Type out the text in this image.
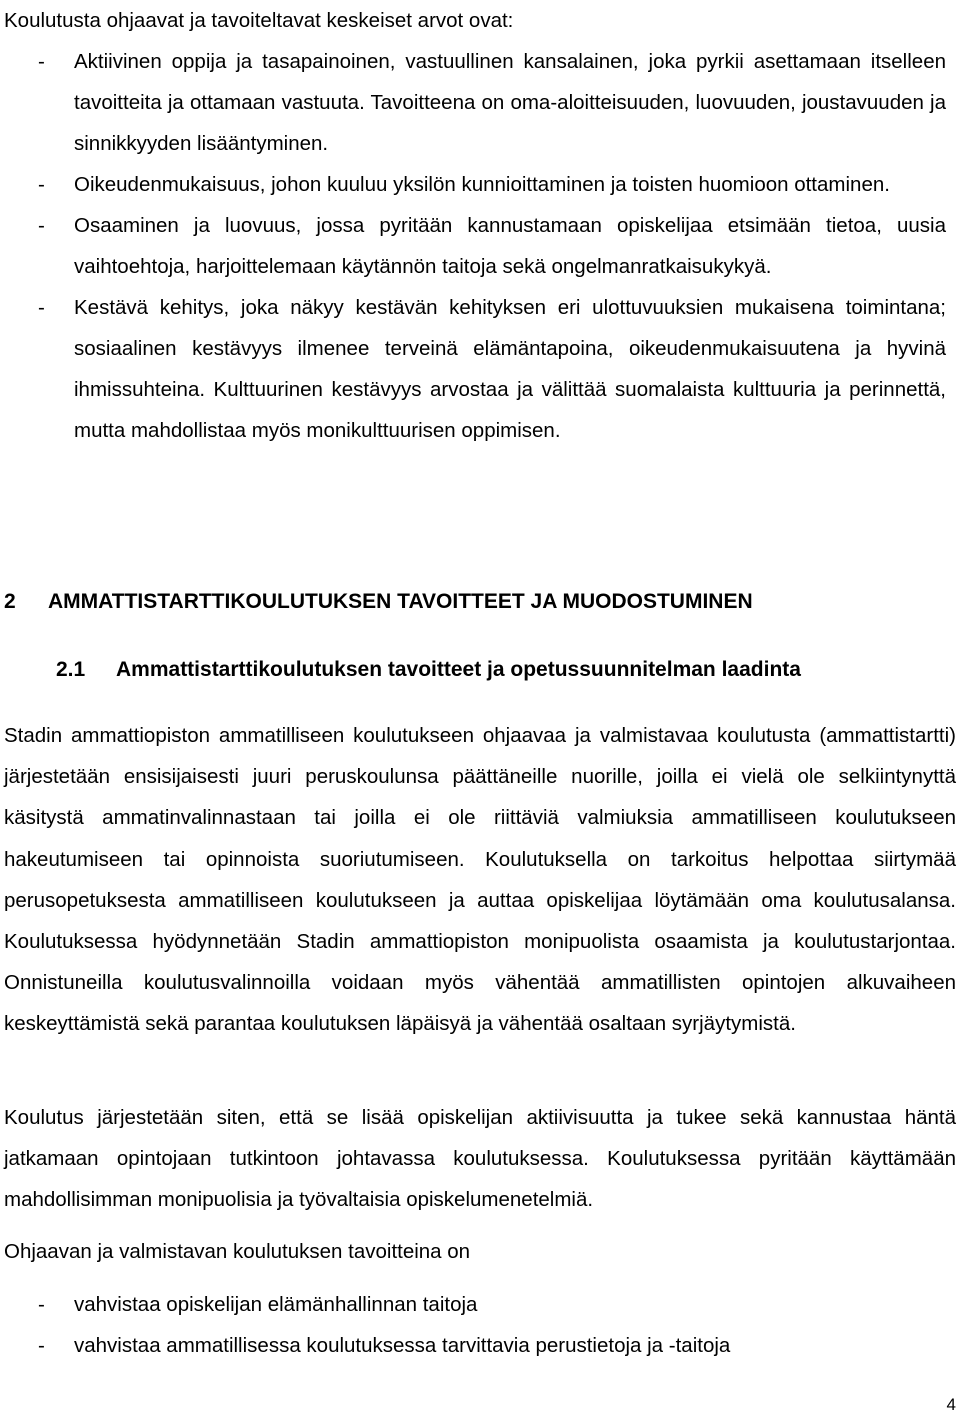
Koulutusta ohjaavat ja tavoiteltavat keskeiset arvot ovat:

- Aktiivinen oppija ja tasapainoinen, vastuullinen kansalainen, joka pyrkii asettamaan itselleen tavoitteita ja ottamaan vastuuta. Tavoitteena on oma-aloitteisuuden, luovuuden, joustavuuden ja sinnikkyyden lisääntyminen.
- Oikeudenmukaisuus, johon kuuluu yksilön kunnioittaminen ja toisten huomioon ottaminen.
- Osaaminen ja luovuus, jossa pyritään kannustamaan opiskelijaa etsimään tietoa, uusia vaihtoehtoja, harjoittelemaan käytännön taitoja sekä ongelmanratkaisukykyä.
- Kestävä kehitys, joka näkyy kestävän kehityksen eri ulottuvuuksien mukaisena toimintana; sosiaalinen kestävyys ilmenee terveinä elämäntapoina, oikeudenmukaisuutena ja hyvinä ihmissuhteina. Kulttuurinen kestävyys arvostaa ja välittää suomalaista kulttuuria ja perinnettä, mutta mahdollistaa myös monikulttuurisen oppimisen.
2 AMMATTISTARTTIKOULUTUKSEN TAVOITTEET JA MUODOSTUMINEN
2.1 Ammattistarttikoulutuksen tavoitteet ja opetussuunnitelman laadinta

Stadin ammattiopiston ammatilliseen koulutukseen ohjaavaa ja valmistavaa koulutusta (ammattistartti) järjestetään ensisijaisesti juuri peruskoulunsa päättäneille nuorille, joilla ei vielä ole selkiintynyttä käsitystä ammatinvalinnastaan tai joilla ei ole riittäviä valmiuksia ammatilliseen koulutukseen hakeutumiseen tai opinnoista suoriutumiseen. Koulutuksella on tarkoitus helpottaa siirtymää perusopetuksesta ammatilliseen koulutukseen ja auttaa opiskelijaa löytämään oma koulutusalansa. Koulutuksessa hyödynnetään Stadin ammattiopiston monipuolista osaamista ja koulutustarjontaa. Onnistuneilla koulutusvalinnoilla voidaan myös vähentää ammatillisten opintojen alkuvaiheen keskeyttämistä sekä parantaa koulutuksen läpäisyä ja vähentää osaltaan syrjäytymistä.

Koulutus järjestetään siten, että se lisää opiskelijan aktiivisuutta ja tukee sekä kannustaa häntä jatkamaan opintojaan tutkintoon johtavassa koulutuksessa. Koulutuksessa pyritään käyttämään mahdollisimman monipuolisia ja työvaltaisia opiskelumenetelmiä.

Ohjaavan ja valmistavan koulutuksen tavoitteina on

- vahvistaa opiskelijan elämänhallinnan taitoja
- vahvistaa ammatillisessa koulutuksessa tarvittavia perustietoja ja -taitoja
4
